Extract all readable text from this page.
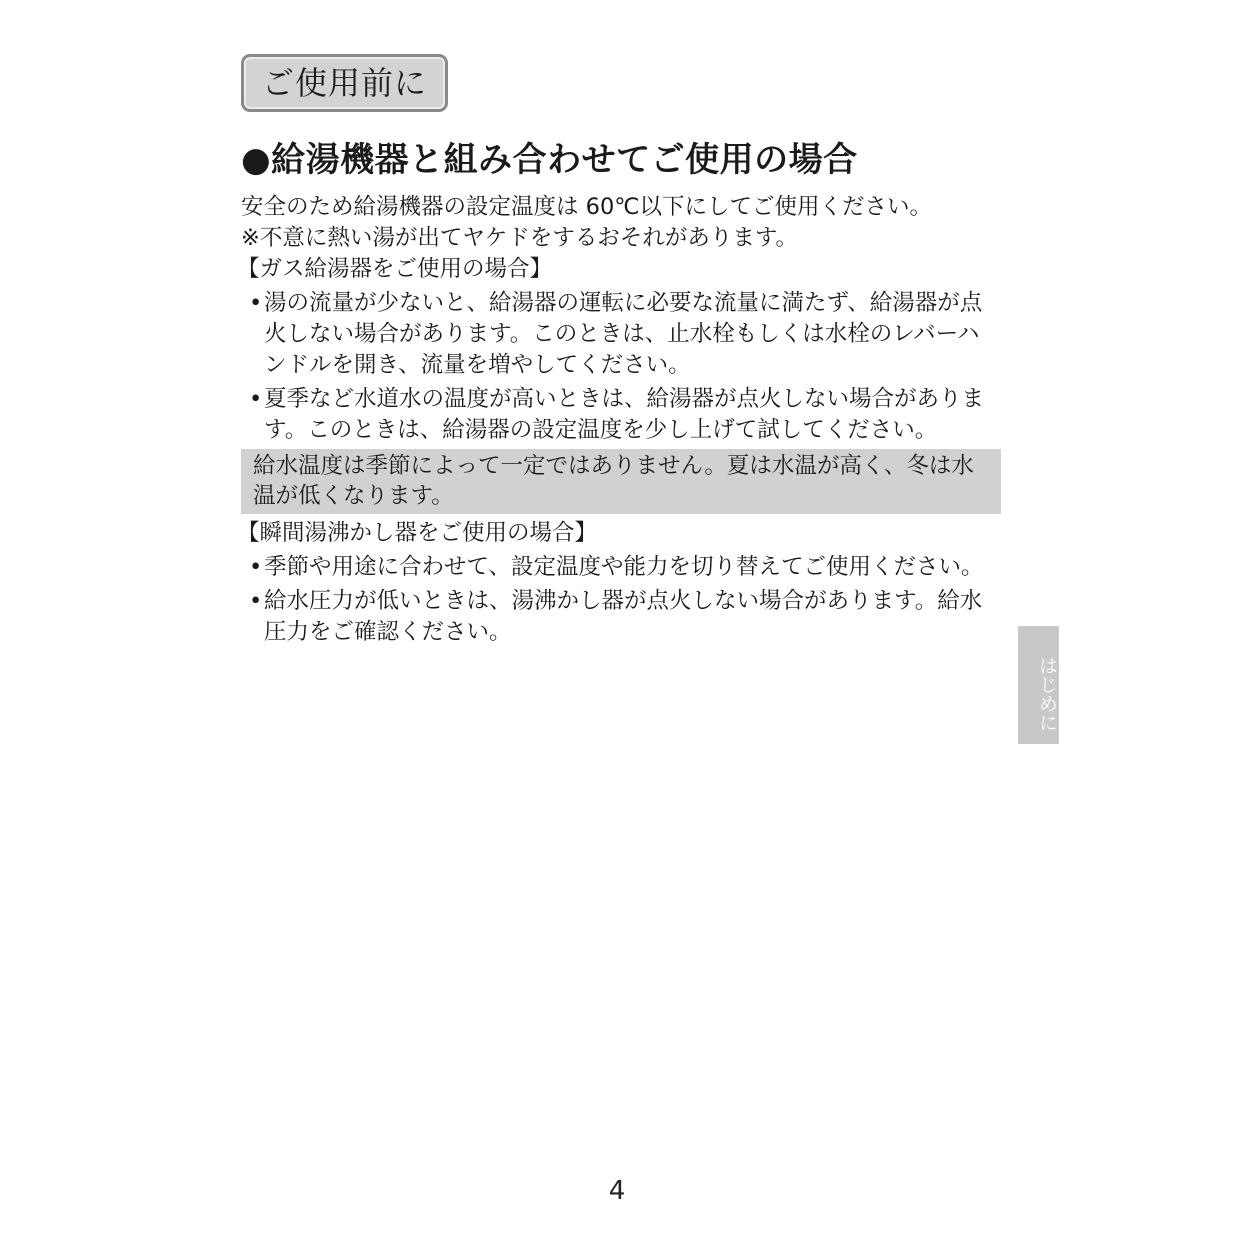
ご使用前に
●給湯機器と組み合わせてご使用の場合

安全のため給湯機器の設定温度は 60℃以下にしてご使用ください。

※不意に熱い湯が出てヤケドをするおそれがあります。

【ガス給湯器をご使用の場合】

• 湯の流量が少ないと、給湯器の運転に必要な流量に満たず、給湯器が点火しない場合があります。このときは、止水栓もしくは水栓のレバーハンドルを開き、流量を増やしてください。
• 夏季など水道水の温度が高いときは、給湯器が点火しない場合があります。このときは、給湯器の設定温度を少し上げて試してください。
給水温度は季節によって一定ではありません。夏は水温が高く、冬は水温が低くなります。

【瞬間湯沸かし器をご使用の場合】

• 季節や用途に合わせて、設定温度や能力を切り替えてご使用ください。
• 給水圧力が低いときは、湯沸かし器が点火しない場合があります。給水圧力をご確認ください。
はじめに
4
